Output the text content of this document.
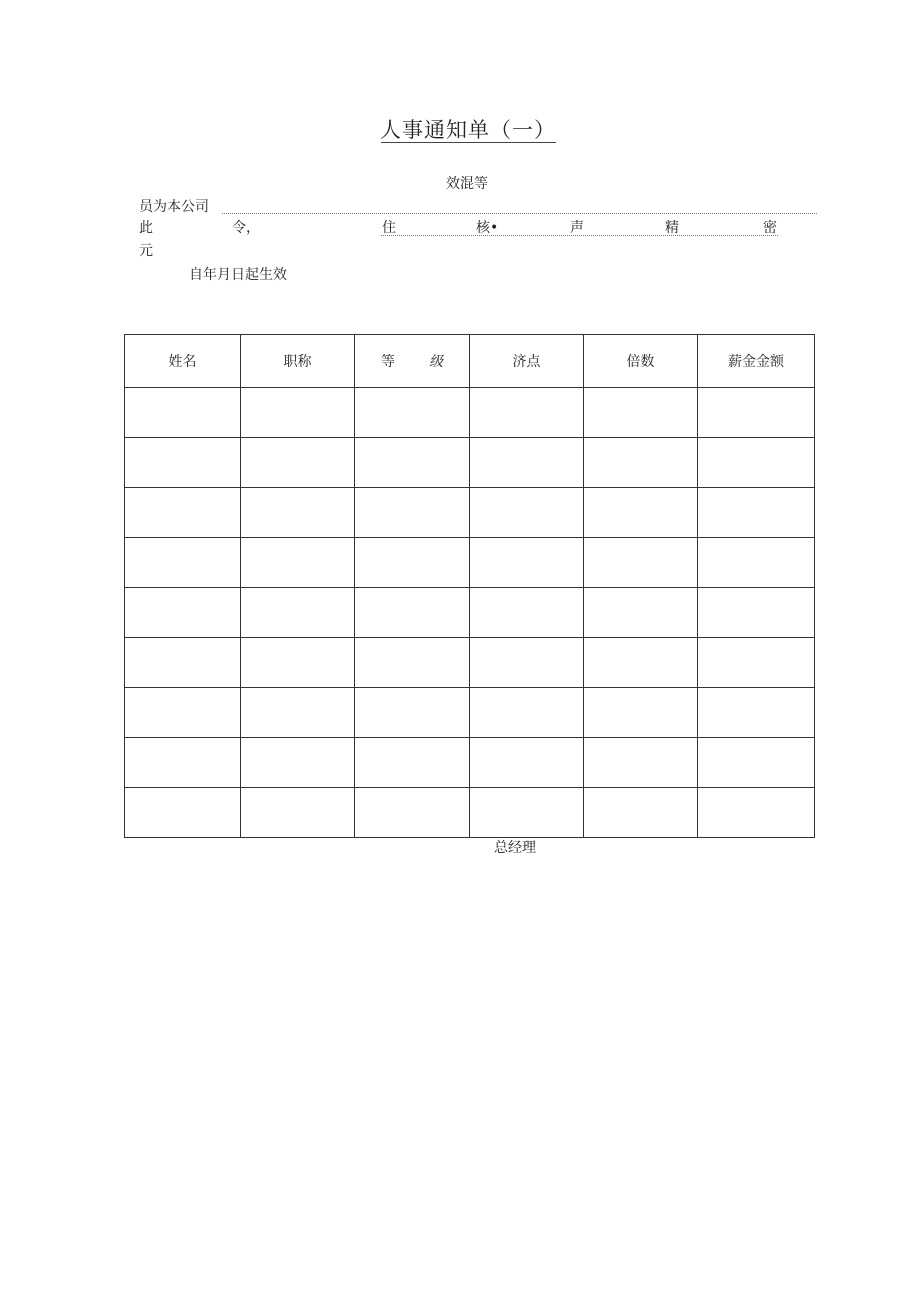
人事通知单（一）
效混等
员为本公司
此	令，	住	核•	声	精	密
元
自年月日起生效
姓名	职称	等 级	济点	倍数	薪金金额

总经理
